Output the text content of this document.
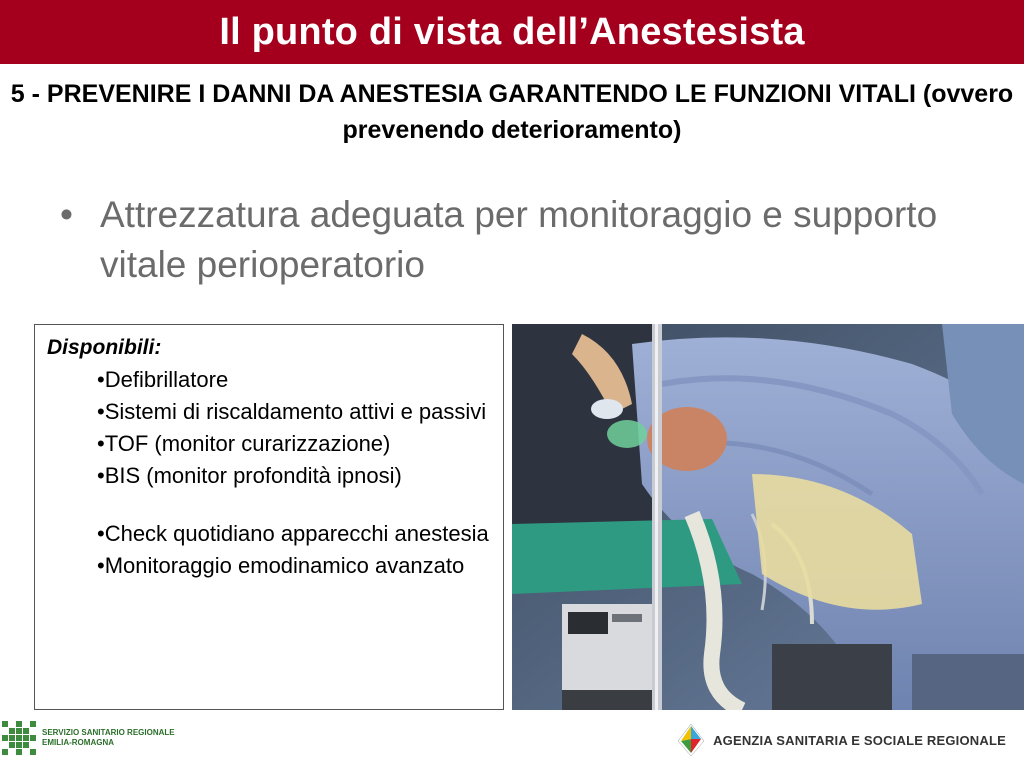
Il punto di vista dell’Anestesista
5 - PREVENIRE I DANNI DA ANESTESIA GARANTENDO LE FUNZIONI VITALI (ovvero prevenendo deterioramento)
• Attrezzatura adeguata per monitoraggio e supporto vitale perioperatorio
Disponibili:
•Defibrillatore
•Sistemi di riscaldamento attivi e passivi
•TOF (monitor curarizzazione)
•BIS (monitor profondità ipnosi)
•Check quotidiano apparecchi anestesia
•Monitoraggio emodinamico avanzato
SERVIZIO SANITARIO REGIONALE
EMILIA-ROMAGNA	AGENZIA SANITARIA E SOCIALE REGIONALE
